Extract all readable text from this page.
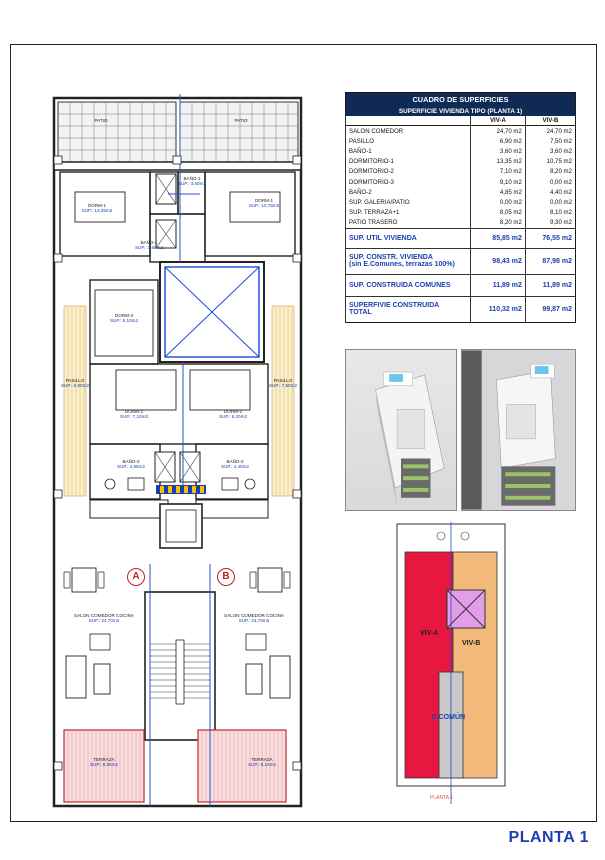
PATIO	PATIO
DORM-1
SUP.: 13,35m2
DORM-1
SUP.: 10,75m2
BAÑO-1
SUP.: 3,60m2
BAÑO-1
SUP.: 3,60m2
DORM-3
SUP.: 9,10m2
PASILLO
SUP.: 6,90m2
PASILLO
SUP.: 7,50m2
DORM-2
SUP.: 7,10m2
DORM-2
SUP.: 8,20m2
BAÑO-2
SUP.: 4,85m2
BAÑO-2
SUP.: 4,40m2
SALON COMEDOR COCINA
SUP.: 24,70m2
SALON COMEDOR COCINA
SUP.: 24,70m2
TERRAZA
SUP.: 8,05m2
TERRAZA
SUP.: 8,10m2
A	B
CUADRO DE SUPERFICIES		
SUPERFICIE VIVIENDA TIPO (PLANTA 1)		
	VIV-A	VIV-B
SALON COMEDOR	24,70 m2	24,70 m2
PASILLO	6,90 m2	7,50 m2
BAÑO-1	3,60 m2	3,60 m2
DORMITORIO-1	13,35 m2	10,75 m2
DORMITORIO-2	7,10 m2	8,20 m2
DORMITORIO-3	9,10 m2	0,00 m2
BAÑO-2	4,85 m2	4,40 m2
SUP. GALERIA/PATIO	0,00 m2	0,00 m2
SUP. TERRAZA+1	8,05 m2	8,10 m2
PATIO TRASERO	8,20 m2	9,30 m2
SUP. UTIL VIVIENDA	85,85 m2	76,55 m2
SUP. CONSTR. VIVIENDA
(sin E.Comunes, terrazas 100%)	98,43 m2	87,98 m2
SUP. CONSTRUIDA COMUNES	11,89 m2	11,89 m2
SUPERFIVIE CONSTRUIDA
TOTAL	110,32 m2	99,87 m2
VIV-A
VIV-B
E.COMÚN
PLANTA 1
PLANTA 1
